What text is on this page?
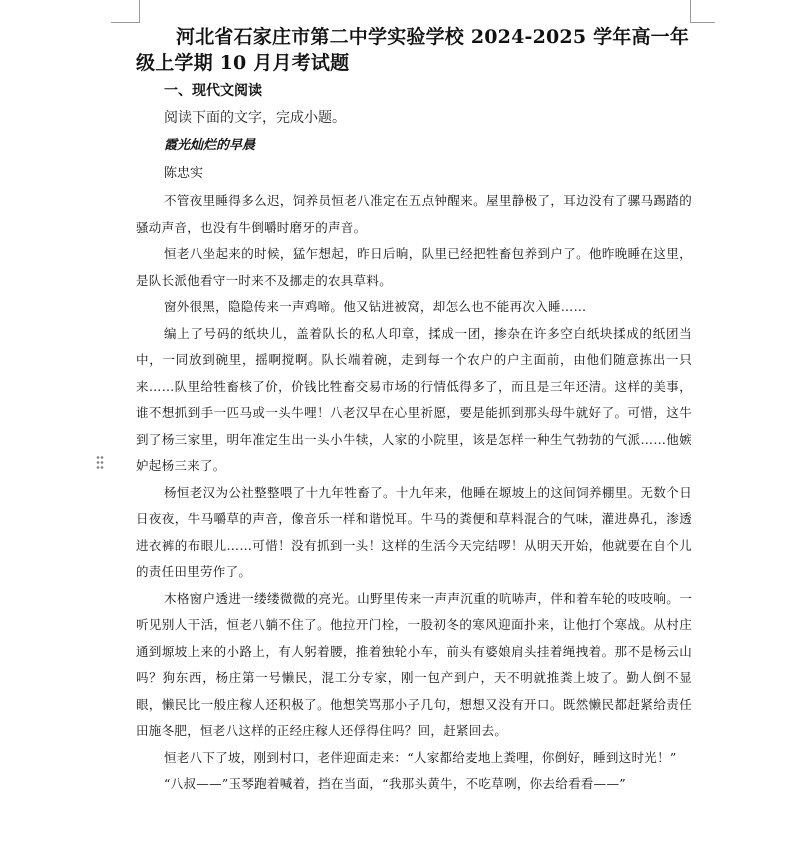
河北省石家庄市第二中学实验学校 2024-2025 学年高一年级上学期 10 月月考试题
一、现代文阅读
阅读下面的文字，完成小题。
霞光灿烂的早晨
陈忠实

不管夜里睡得多么迟，饲养员恒老八准定在五点钟醒来。屋里静极了，耳边没有了骡马踢踏的骚动声音，也没有牛倒嚼时磨牙的声音。

恒老八坐起来的时候，猛乍想起，昨日后晌，队里已经把牲畜包养到户了。他昨晚睡在这里，是队长派他看守一时来不及挪走的农具草料。

窗外很黑，隐隐传来一声鸡啼。他又钻进被窝，却怎么也不能再次入睡……

编上了号码的纸块儿，盖着队长的私人印章，揉成一团，掺杂在许多空白纸块揉成的纸团当中，一同放到碗里，摇啊搅啊。队长端着碗，走到每一个农户的户主面前，由他们随意拣出一只来……队里给牲畜核了价，价钱比牲畜交易市场的行情低得多了，而且是三年还清。这样的美事，谁不想抓到手一匹马或一头牛哩！八老汉早在心里祈愿，要是能抓到那头母牛就好了。可惜，这牛到了杨三家里，明年准定生出一头小牛犊，人家的小院里，该是怎样一种生气勃勃的气派……他嫉妒起杨三来了。

杨恒老汉为公社整整喂了十九年牲畜了。十九年来，他睡在塬坡上的这间饲养棚里。无数个日日夜夜，牛马嚼草的声音，像音乐一样和谐悦耳。牛马的粪便和草料混合的气味，灌进鼻孔，渗透进衣裤的布眼儿……可惜！没有抓到一头！这样的生活今天完结啰！从明天开始，他就要在自个儿的责任田里劳作了。

木格窗户透进一缕缕微微的亮光。山野里传来一声声沉重的吭哧声，伴和着车轮的吱吱响。一听见别人干活，恒老八躺不住了。他拉开门栓，一股初冬的寒风迎面扑来，让他打个寒战。从村庄通到塬坡上来的小路上，有人躬着腰，推着独轮小车，前头有婆娘肩头挂着绳拽着。那不是杨云山吗？狗东西，杨庄第一号懒民，混工分专家，刚一包产到户，天不明就推粪上坡了。勤人倒不显眼，懒民比一般庄稼人还积极了。他想笑骂那小子几句，想想又没有开口。既然懒民都赶紧给责任田施冬肥，恒老八这样的正经庄稼人还俘得住吗？回，赶紧回去。

恒老八下了坡，刚到村口，老伴迎面走来：“人家都给麦地上粪哩，你倒好，睡到这时光！”

“八叔——”玉琴跑着喊着，挡在当面，“我那头黄牛，不吃草咧，你去给看看——”
